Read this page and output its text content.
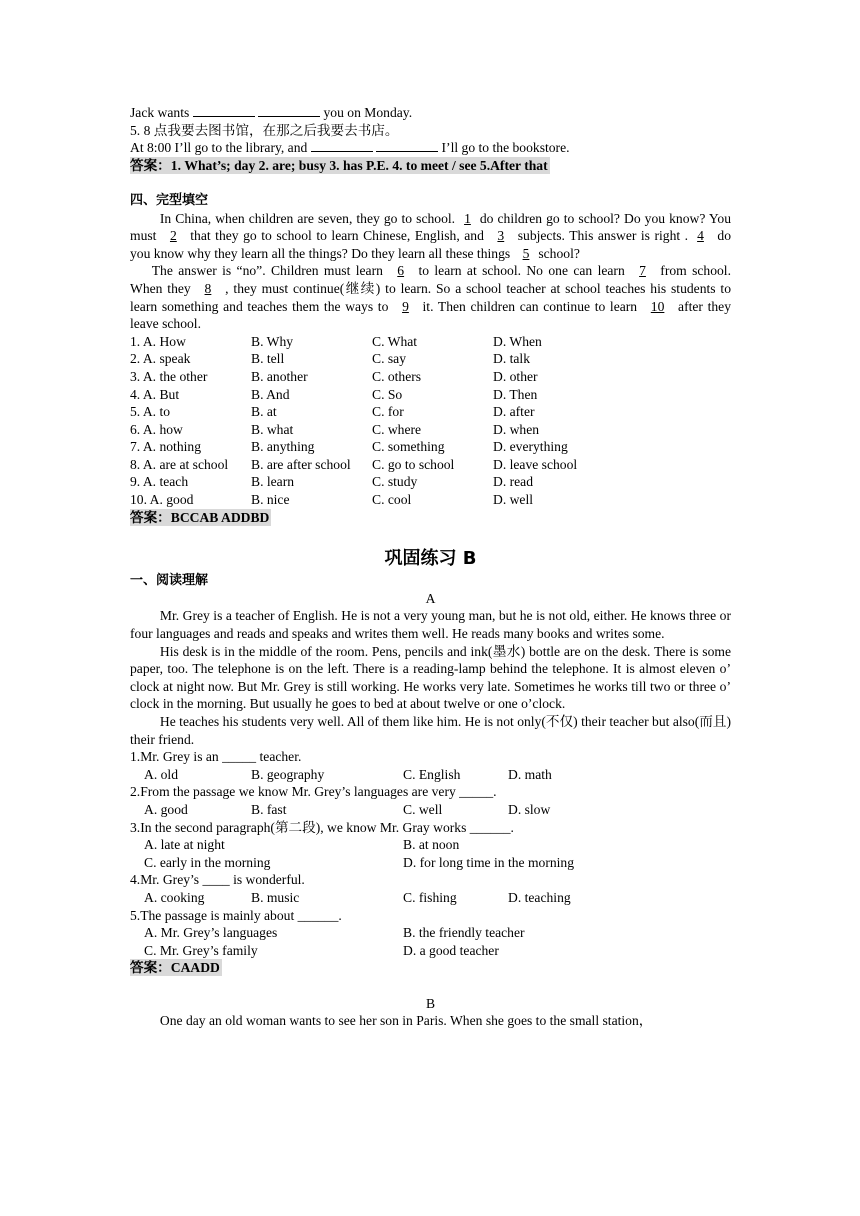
Jack wants	you on Monday.

5. 8 点我要去图书馆，在那之后我要去书店。

At 8:00 I’ll go to the library, and	I’ll go to the bookstore.

答案：1. What’s; day 2. are; busy 3. has P.E. 4. to meet / see 5.After that

四、完型填空

In China, when children are seven, they go to school. 1 do children go to school? Do you know? You must 2 that they go to school to learn Chinese, English, and 3 subjects. This answer is right . 4 do you know why they learn all the things? Do they learn all these things 5 school?

The answer is “no”. Children must learn 6 to learn at school. No one can learn 7 from school. When they 8 , they must continue(继续) to learn. So a school teacher at school teaches his students to learn something and teaches them the ways to 9 it. Then children can continue to learn 10 after they leave school.

1. A. How	B. Why	C. What	D. When
2. A. speak	B. tell	C. say	D. talk
3. A. the other	B. another	C. others	D. other
4. A. But	B. And	C. So	D. Then
5. A. to	B. at	C. for	D. after
6. A. how	B. what	C. where	D. when
7. A. nothing	B. anything	C. something	D. everything
8. A. are at school	B. are after school	C. go to school	D. leave school
9. A. teach	B. learn	C. study	D. read
10. A. good	B. nice	C. cool	D. well

答案：BCCAB ADDBD

巩固练习 B

一、阅读理解

A

Mr. Grey is a teacher of English. He is not a very young man, but he is not old, either. He knows three or four languages and reads and speaks and writes them well. He reads many books and writes some.

His desk is in the middle of the room. Pens, pencils and ink(墨水) bottle are on the desk. There is some paper, too. The telephone is on the left. There is a reading-lamp behind the telephone. It is almost eleven o’ clock at night now. But Mr. Grey is still working. He works very late. Sometimes he works till two or three o’ clock in the morning. But usually he goes to bed at about twelve or one o’clock.

He teaches his students very well. All of them like him. He is not only(不仅) their teacher but also(而且) their friend.

1.Mr. Grey is an _____ teacher.

A. old	B. geography	C. English	D. math

2.From the passage we know Mr. Grey’s languages are very _____.

A. good	B. fast	C. well	D. slow

3.In the second paragraph(第二段), we know Mr. Gray works ______.

A. late at night	B. at noon
C. early in the morning	D. for long time in the morning

4.Mr. Grey’s ____ is wonderful.

A. cooking	B. music	C. fishing	D. teaching

5.The passage is mainly about ______.

A. Mr. Grey’s languages	B. the friendly teacher
C. Mr. Grey’s family	D. a good teacher

答案：CAADD

B

One day an old woman wants to see her son in Paris. When she goes to the small station，
